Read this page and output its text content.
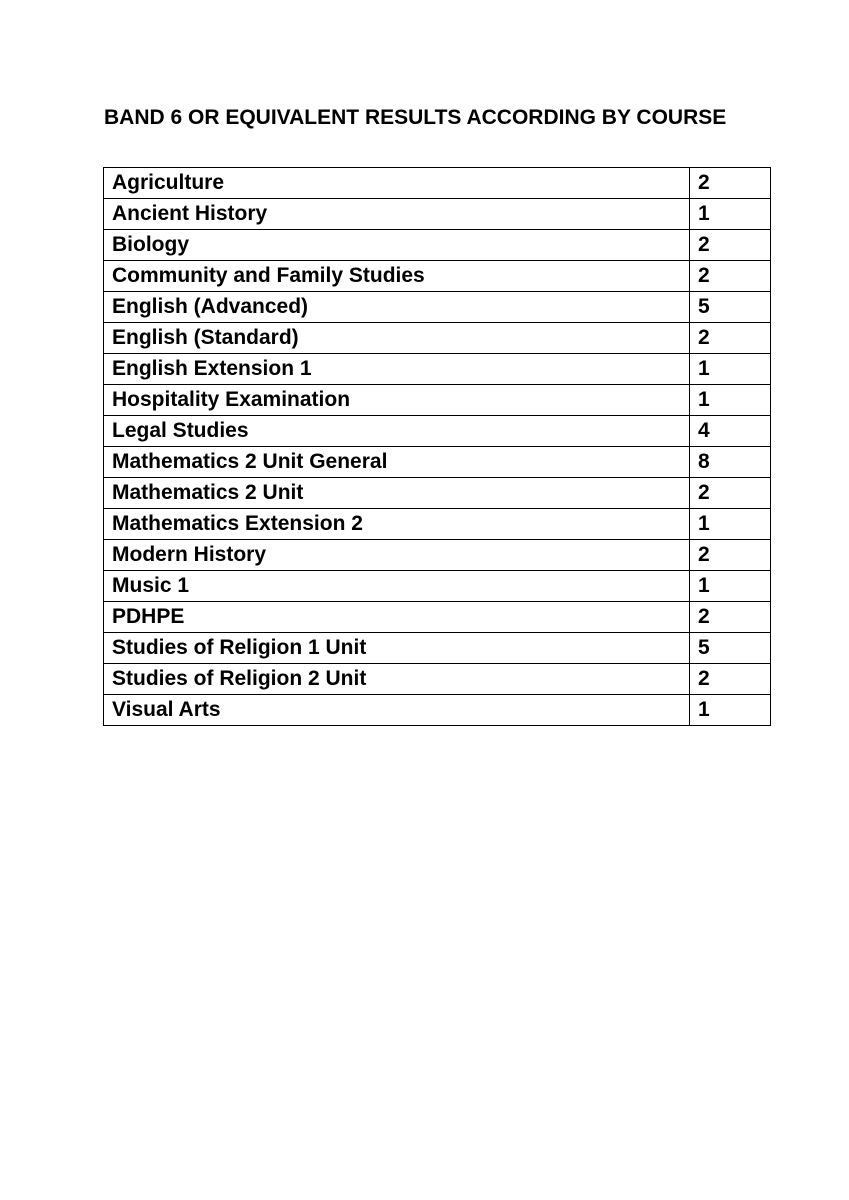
BAND 6 OR EQUIVALENT RESULTS ACCORDING BY COURSE
Agriculture	2
Ancient History	1
Biology	2
Community and Family Studies	2
English (Advanced)	5
English (Standard)	2
English Extension 1	1
Hospitality Examination	1
Legal Studies	4
Mathematics 2 Unit General	8
Mathematics 2 Unit	2
Mathematics Extension 2	1
Modern History	2
Music 1	1
PDHPE	2
Studies of Religion 1 Unit	5
Studies of Religion 2 Unit	2
Visual Arts	1
